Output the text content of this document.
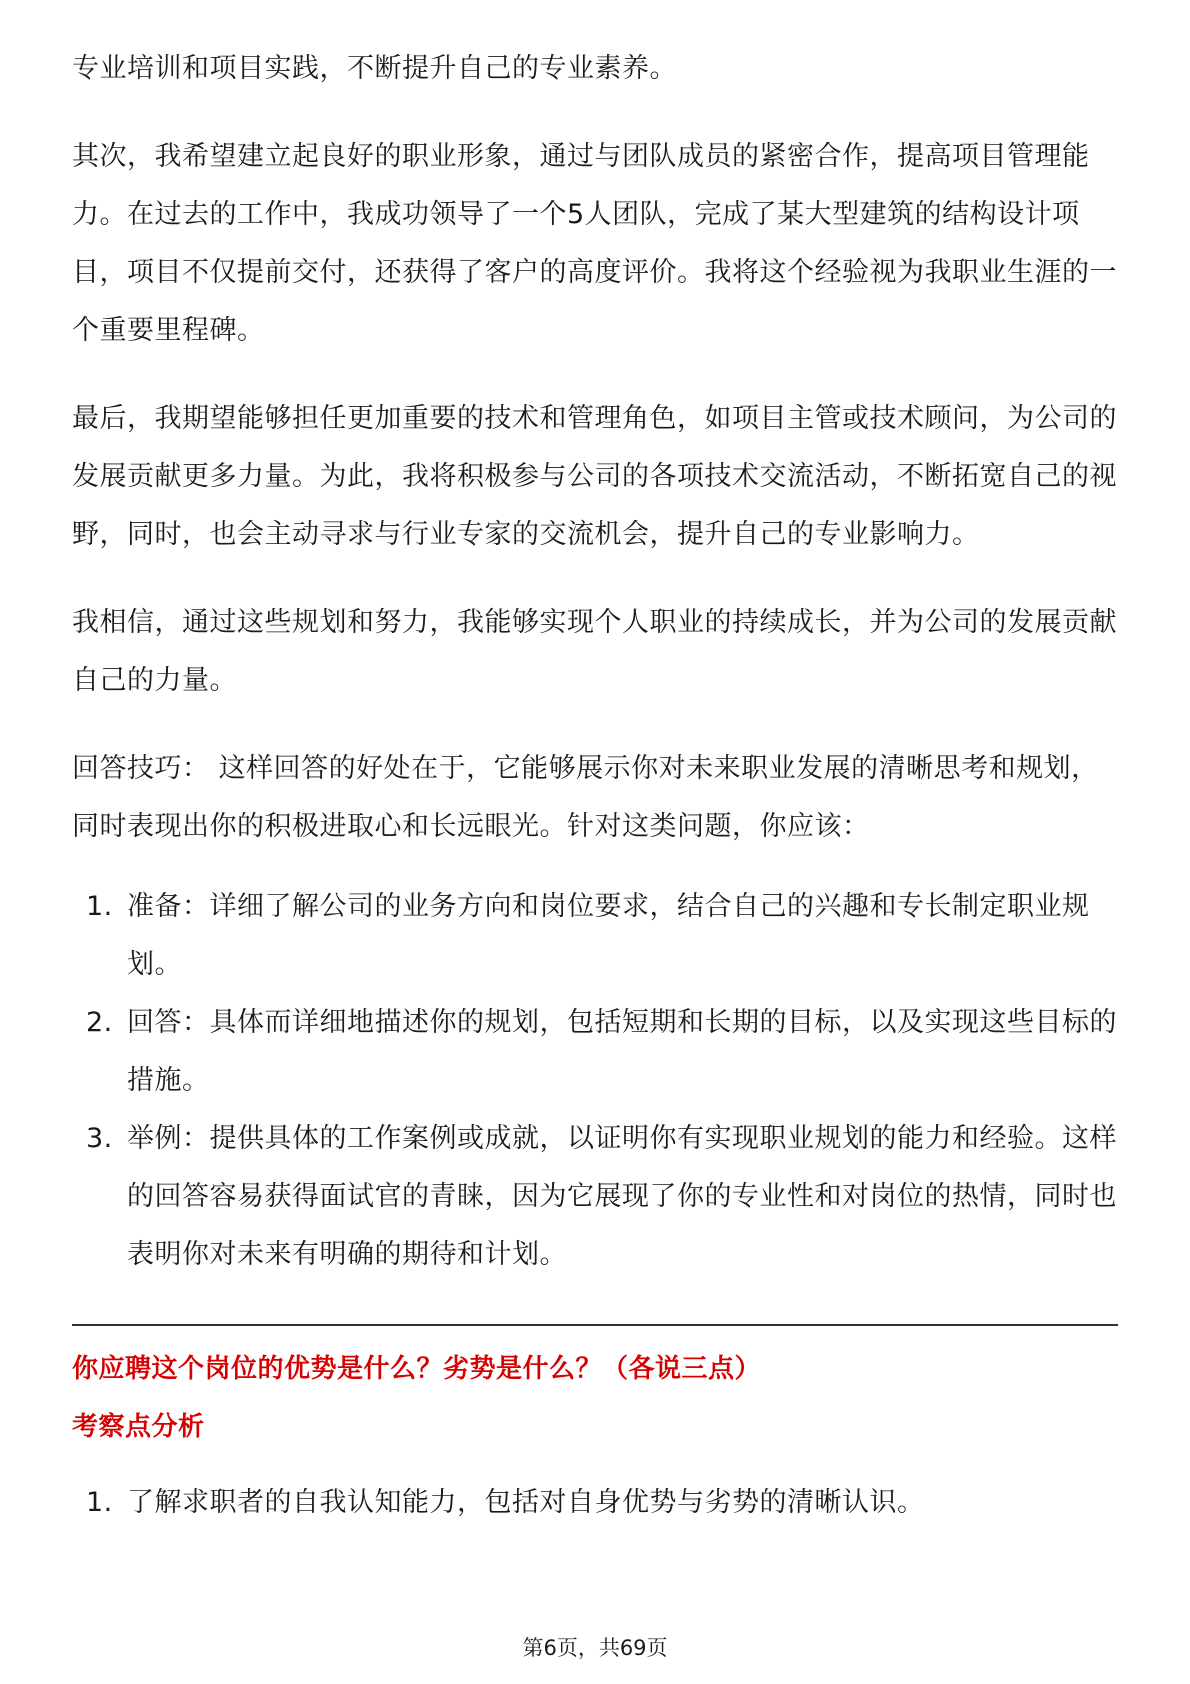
专业培训和项目实践，不断提升自己的专业素养。

其次，我希望建立起良好的职业形象，通过与团队成员的紧密合作，提高项目管理能力。在过去的工作中，我成功领导了一个5人团队，完成了某大型建筑的结构设计项目，项目不仅提前交付，还获得了客户的高度评价。我将这个经验视为我职业生涯的一个重要里程碑。

最后，我期望能够担任更加重要的技术和管理角色，如项目主管或技术顾问，为公司的发展贡献更多力量。为此，我将积极参与公司的各项技术交流活动，不断拓宽自己的视野，同时，也会主动寻求与行业专家的交流机会，提升自己的专业影响力。

我相信，通过这些规划和努力，我能够实现个人职业的持续成长，并为公司的发展贡献自己的力量。

回答技巧： 这样回答的好处在于，它能够展示你对未来职业发展的清晰思考和规划，同时表现出你的积极进取心和长远眼光。针对这类问题，你应该：

1. 准备：详细了解公司的业务方向和岗位要求，结合自己的兴趣和专长制定职业规划。
2. 回答：具体而详细地描述你的规划，包括短期和长期的目标，以及实现这些目标的措施。
3. 举例：提供具体的工作案例或成就，以证明你有实现职业规划的能力和经验。这样的回答容易获得面试官的青睐，因为它展现了你的专业性和对岗位的热情，同时也表明你对未来有明确的期待和计划。

你应聘这个岗位的优势是什么？劣势是什么？（各说三点）

考察点分析

1. 了解求职者的自我认知能力，包括对自身优势与劣势的清晰认识。
第6页，共69页
